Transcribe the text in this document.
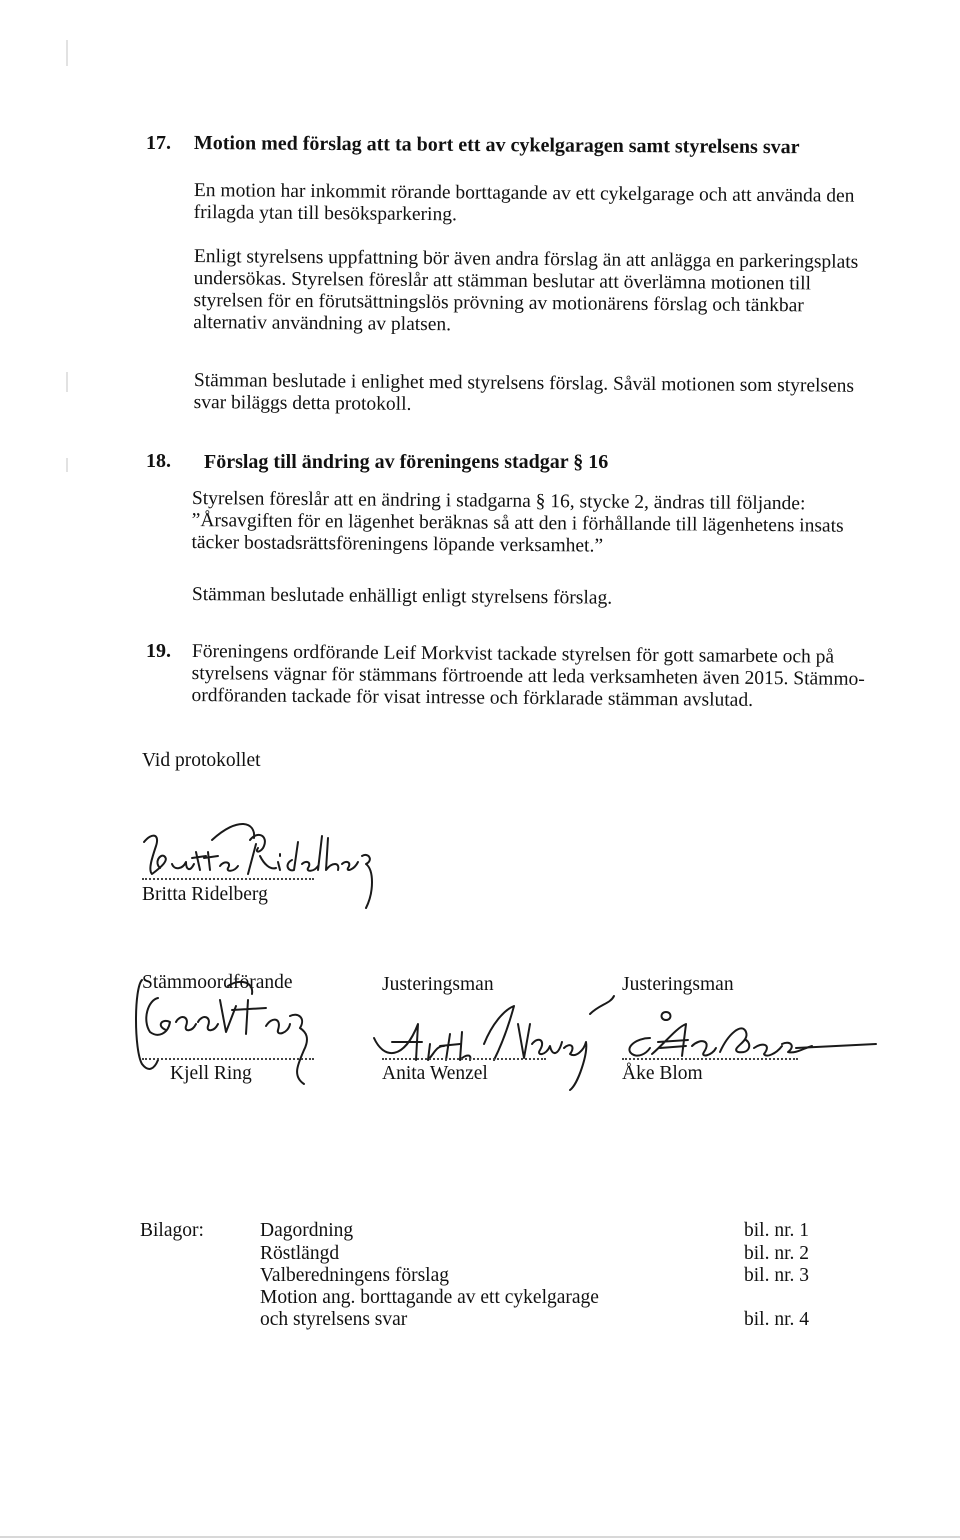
17. Motion med förslag att ta bort ett av cykelgaragen samt styrelsens svar

En motion har inkommit rörande borttagande av ett cykelgarage och att använda den
frilagda ytan till besöksparkering.

Enligt styrelsens uppfattning bör även andra förslag än att anlägga en parkeringsplats
undersökas. Styrelsen föreslår att stämman beslutar att överlämna motionen till
styrelsen för en förutsättningslös prövning av motionärens förslag och tänkbar
alternativ användning av platsen.

Stämman beslutade i enlighet med styrelsens förslag. Såväl motionen som styrelsens
svar biläggs detta protokoll.

18. Förslag till ändring av föreningens stadgar § 16

Styrelsen föreslår att en ändring i stadgarna § 16, stycke 2, ändras till följande:
”Årsavgiften för en lägenhet beräknas så att den i förhållande till lägenhetens insats
täcker bostadsrättsföreningens löpande verksamhet.”

Stämman beslutade enhälligt enligt styrelsens förslag.

19. Föreningens ordförande Leif Morkvist tackade styrelsen för gott samarbete och på
styrelsens vägnar för stämmans förtroende att leda verksamheten även 2015. Stämmo-
ordföranden tackade för visat intresse och förklarade stämman avslutad.

Vid protokollet
Britta Ridelberg
Stämmoordförande
Kjell Ring
Justeringsman
Anita Wenzel
Justeringsman
Åke Blom
Bilagor:	Dagordning	bil. nr. 1
Röstlängd	bil. nr. 2
Valberedningens förslag	bil. nr. 3
Motion ang. borttagande av ett cykelgarage
och styrelsens svar	bil. nr. 4
